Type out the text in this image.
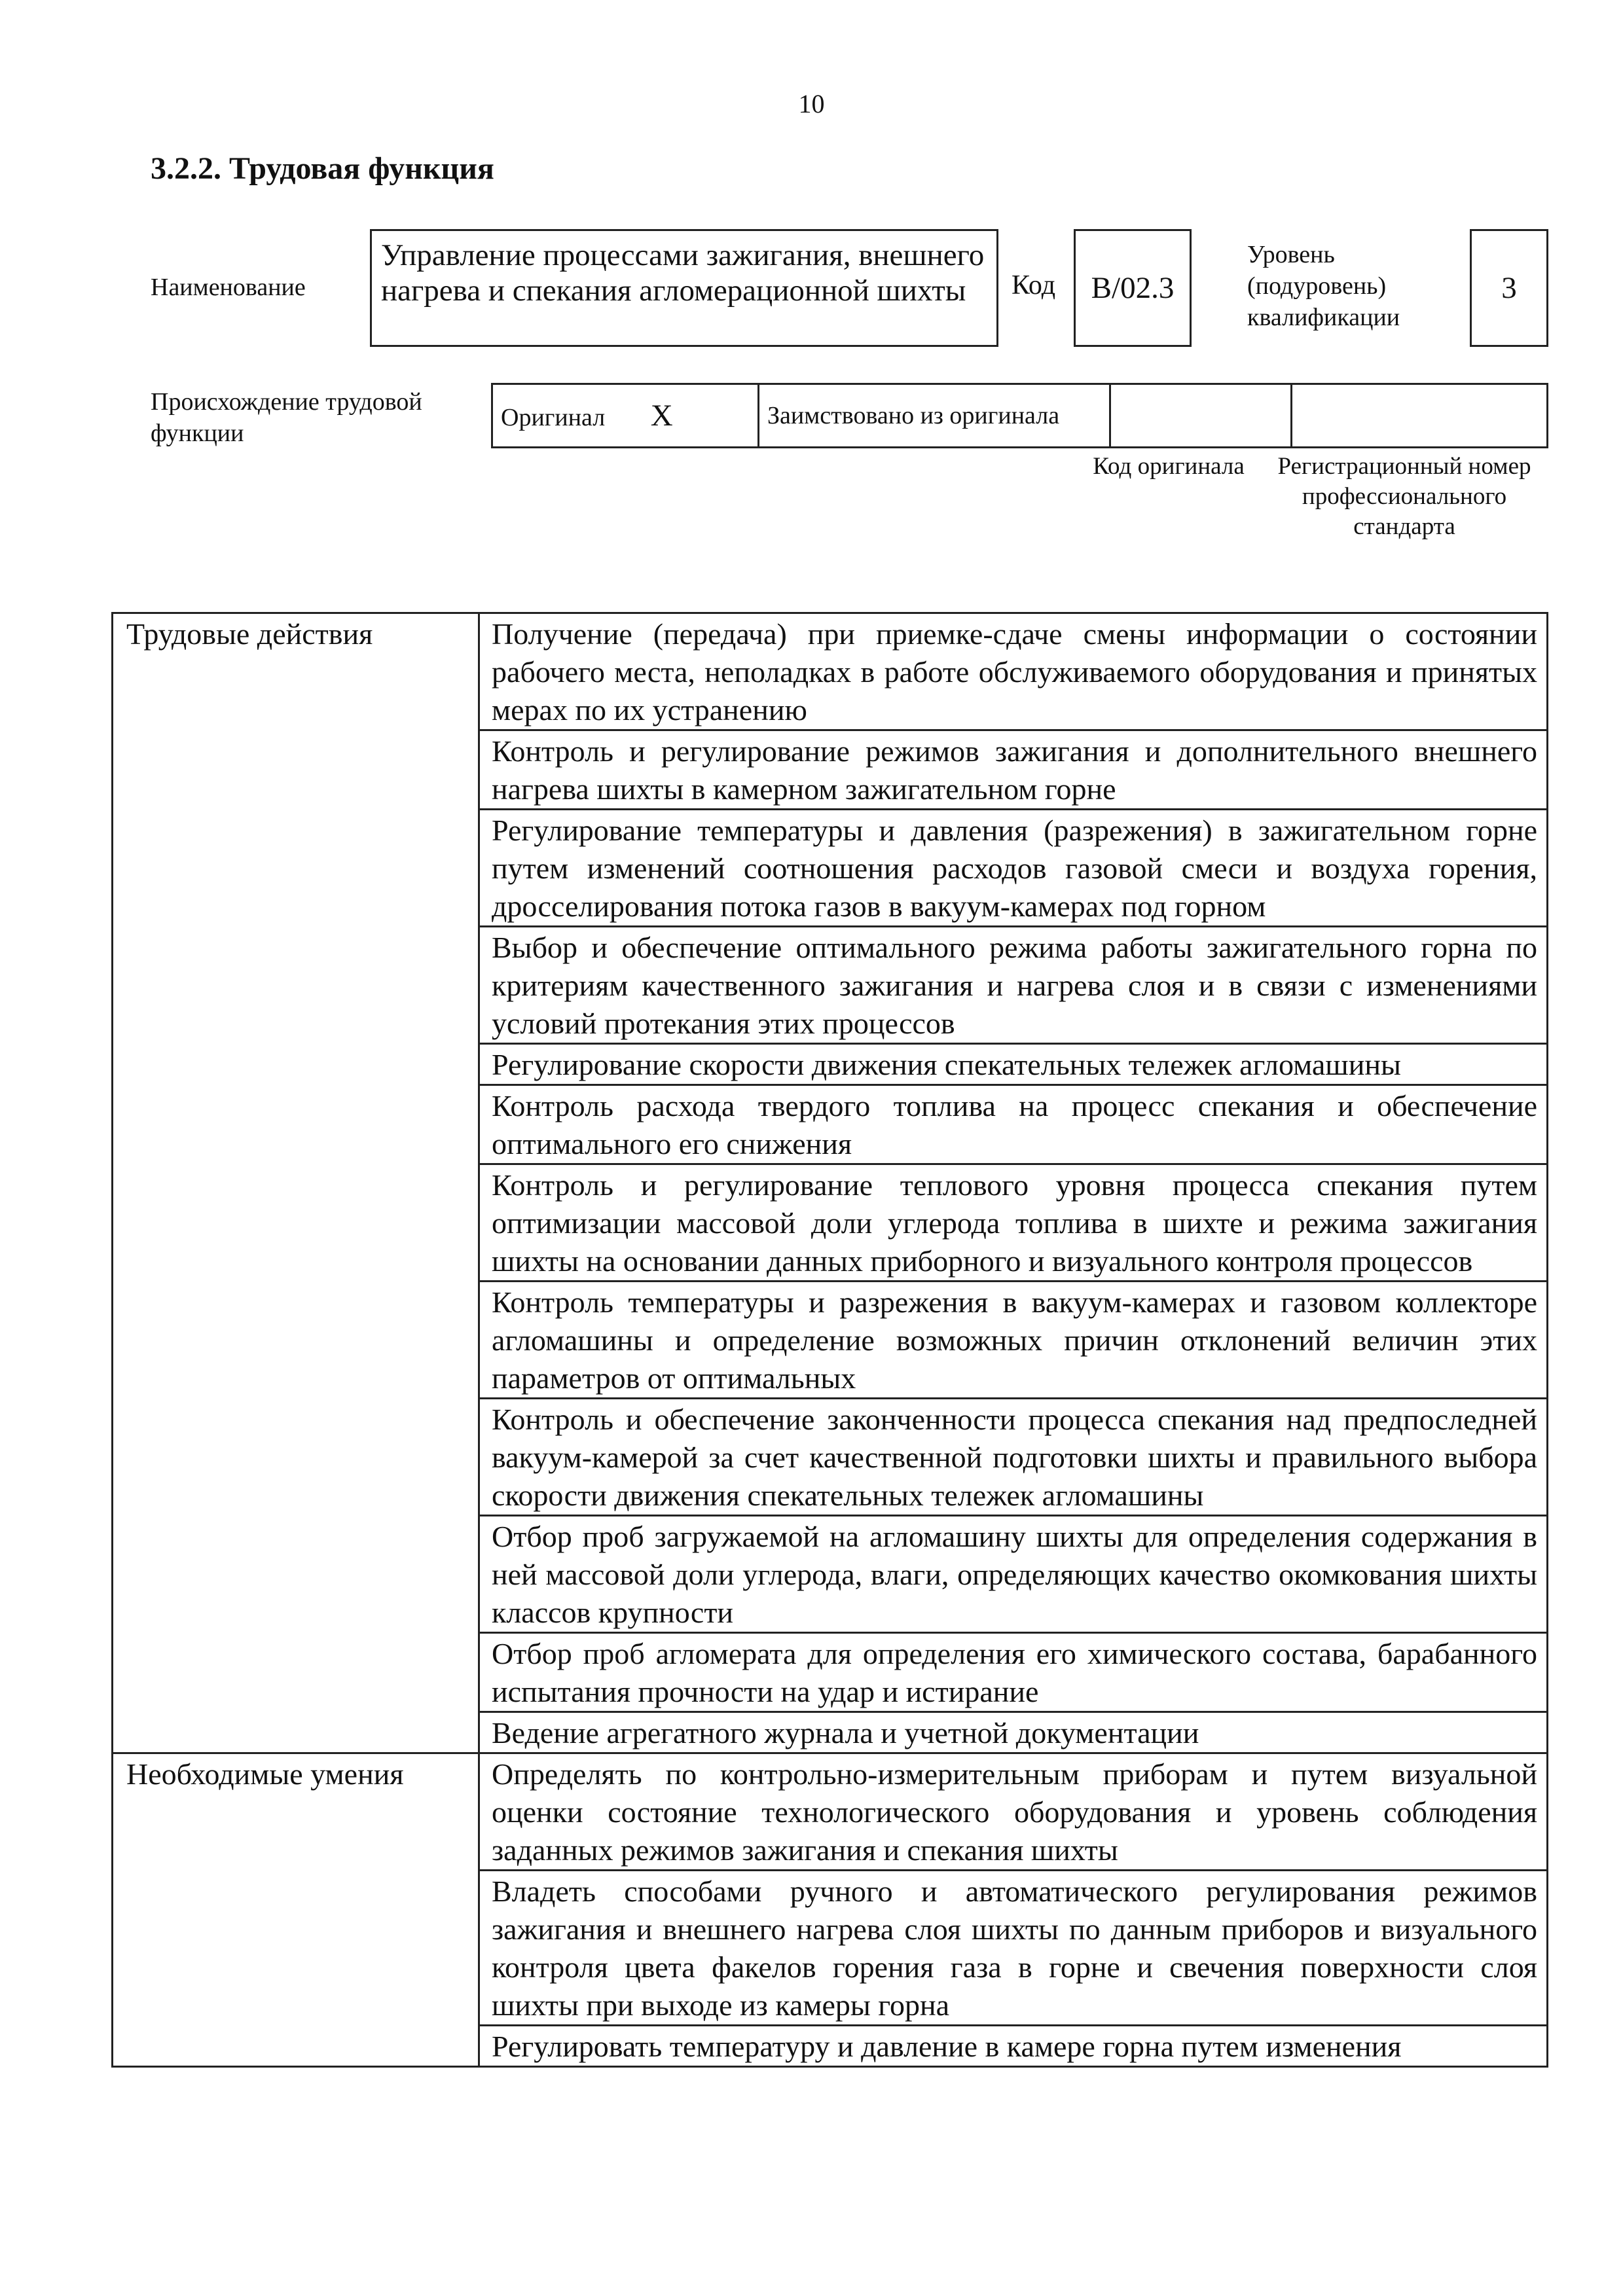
10
3.2.2. Трудовая функция
Наименование
Управление процессами зажигания, внешнего нагрева и спекания агломерационной шихты	Код	B/02.3
Уровень (подуровень) квалификации
3
Происхождение трудовой функции
Оригинал X	Заимствовано из оригинала		
Код оригинала	Регистрационный номер профессионального стандарта
Трудовые действия	Получение (передача) при приемке-сдаче смены информации о состоянии рабочего места, неполадках в работе обслуживаемого оборудования и принятых мерах по их устранению
	Контроль и регулирование режимов зажигания и дополнительного внешнего нагрева шихты в камерном зажигательном горне
	Регулирование температуры и давления (разрежения) в зажигательном горне путем изменений соотношения расходов газовой смеси и воздуха горения, дросселирования потока газов в вакуум-камерах под горном
	Выбор и обеспечение оптимального режима работы зажигательного горна по критериям качественного зажигания и нагрева слоя и в связи с изменениями условий протекания этих процессов
	Регулирование скорости движения спекательных тележек агломашины
	Контроль расхода твердого топлива на процесс спекания и обеспечение оптимального его снижения
	Контроль и регулирование теплового уровня процесса спекания путем оптимизации массовой доли углерода топлива в шихте и режима зажигания шихты на основании данных приборного и визуального контроля процессов
	Контроль температуры и разрежения в вакуум-камерах и газовом коллекторе агломашины и определение возможных причин отклонений величин этих параметров от оптимальных
	Контроль и обеспечение законченности процесса спекания над предпоследней вакуум-камерой за счет качественной подготовки шихты и правильного выбора скорости движения спекательных тележек агломашины
	Отбор проб загружаемой на агломашину шихты для определения содержания в ней массовой доли углерода, влаги, определяющих качество окомкования шихты классов крупности
	Отбор проб агломерата для определения его химического состава, барабанного испытания прочности на удар и истирание
	Ведение агрегатного журнала и учетной документации
Необходимые умения	Определять по контрольно-измерительным приборам и путем визуальной оценки состояние технологического оборудования и уровень соблюдения заданных режимов зажигания и спекания шихты
	Владеть способами ручного и автоматического регулирования режимов зажигания и внешнего нагрева слоя шихты по данным приборов и визуального контроля цвета факелов горения газа в горне и свечения поверхности слоя шихты при выходе из камеры горна
	Регулировать температуру и давление в камере горна путем изменения
